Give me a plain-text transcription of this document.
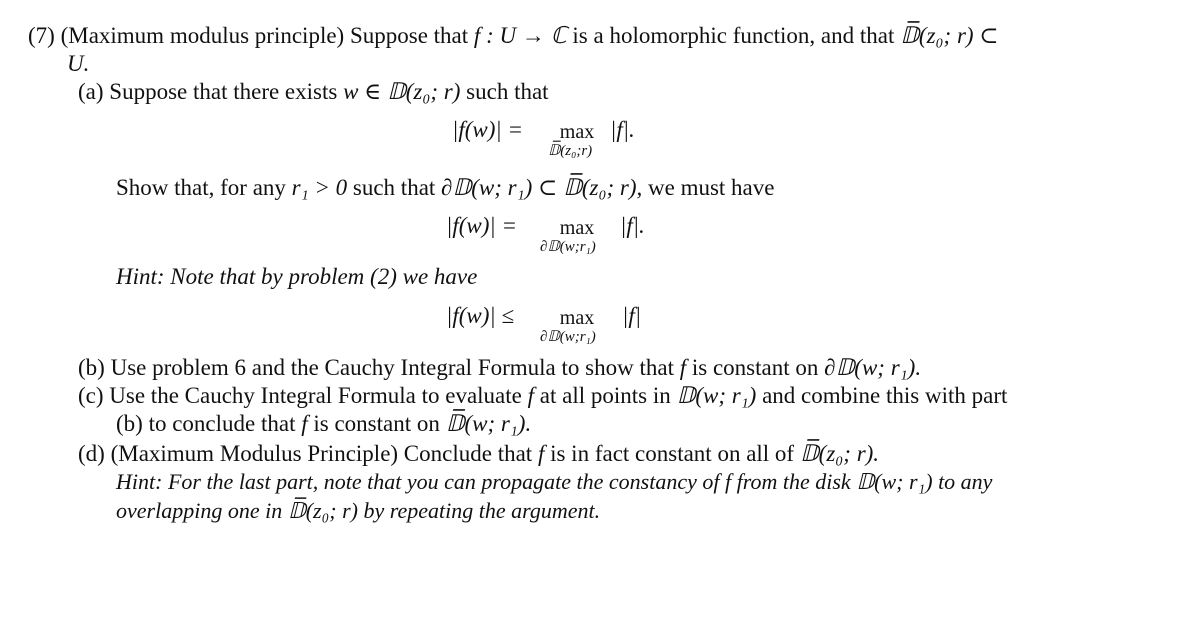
(7) (Maximum modulus principle) Suppose that f : U → ℂ is a holomorphic function, and that 𝔻̅(z₀; r) ⊂
U.
(a) Suppose that there exists w ∈ 𝔻(z₀; r) such that
|f(w)| =	max
𝔻̅(z₀;r)
|f|.
Show that, for any r₁ > 0 such that ∂𝔻(w; r₁) ⊂ 𝔻̅(z₀; r), we must have
|f(w)| =	max
∂𝔻(w;r₁)
|f|.
Hint: Note that by problem (2) we have
|f(w)| ≤	max
∂𝔻(w;r₁)
|f|
(b) Use problem 6 and the Cauchy Integral Formula to show that f is constant on ∂𝔻(w; r₁).
(c) Use the Cauchy Integral Formula to evaluate f at all points in 𝔻(w; r₁) and combine this with part
(b) to conclude that f is constant on 𝔻̅(w; r₁).
(d) (Maximum Modulus Principle) Conclude that f is in fact constant on all of 𝔻̅(z₀; r).
Hint: For the last part, note that you can propagate the constancy of f from the disk 𝔻(w; r₁) to any
overlapping one in 𝔻̅(z₀; r) by repeating the argument.
